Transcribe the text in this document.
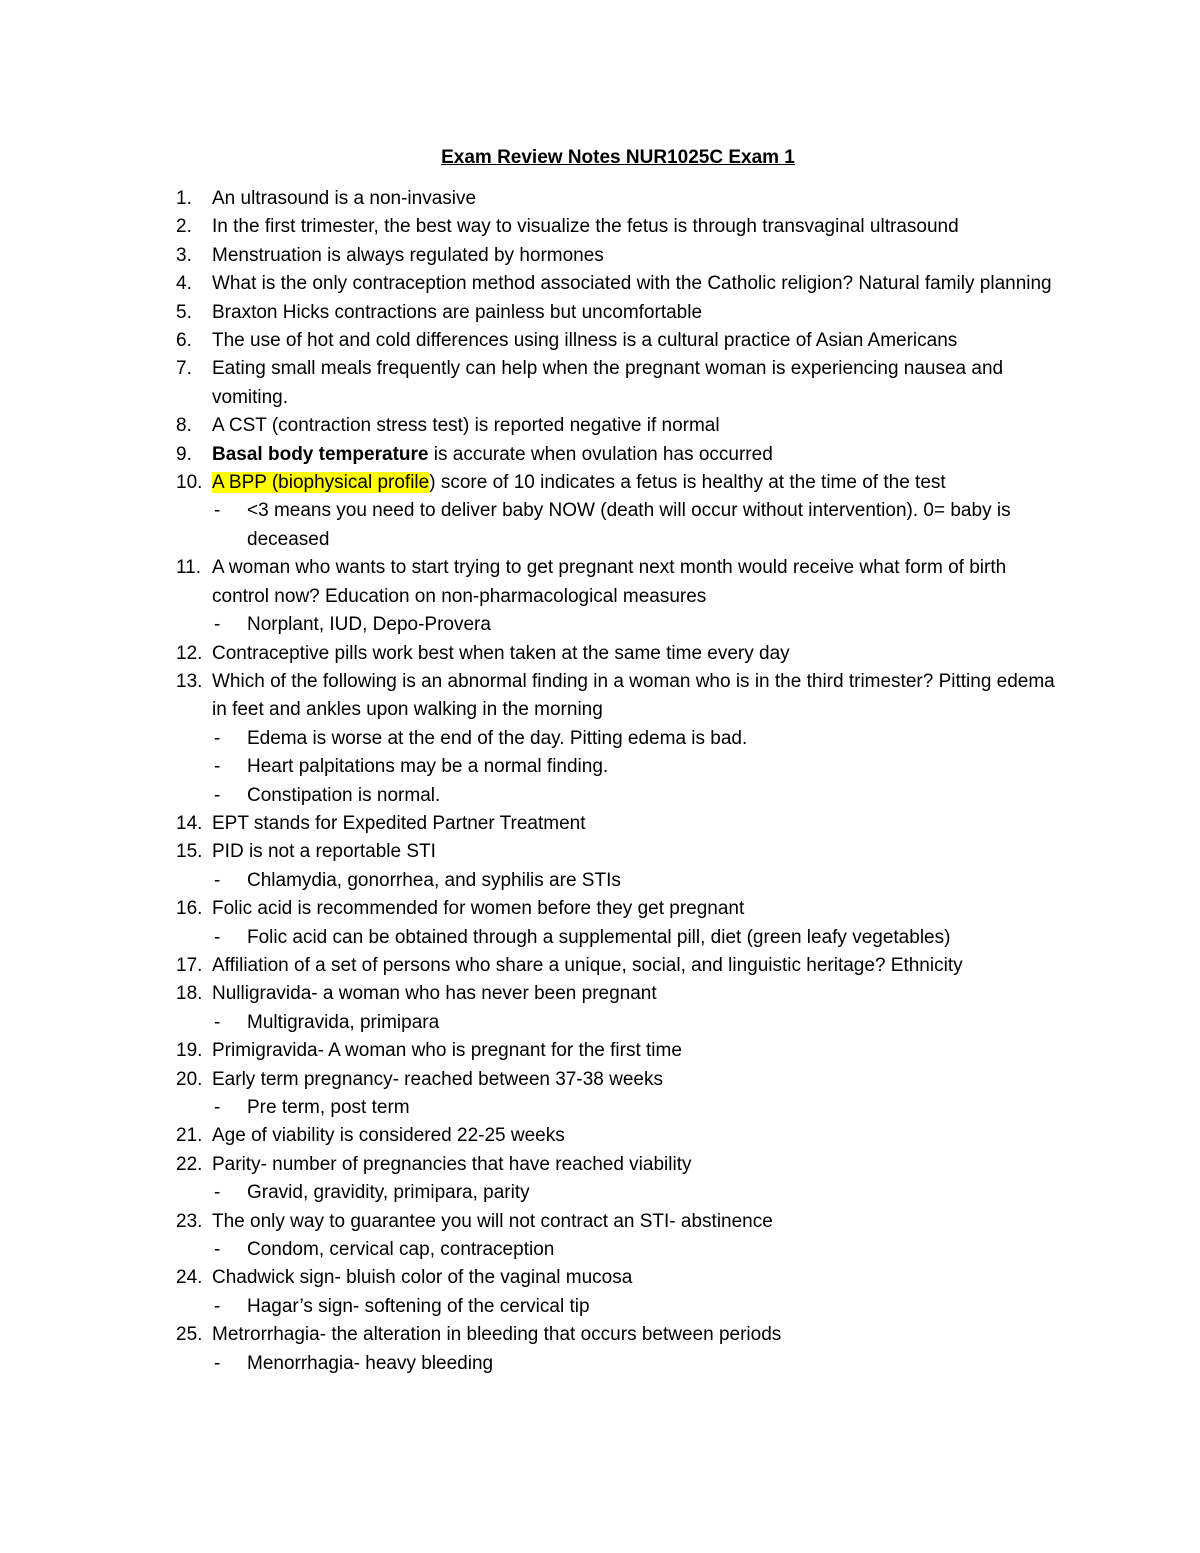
Exam Review Notes NUR1025C Exam 1
1. An ultrasound is a non-invasive
2. In the first trimester, the best way to visualize the fetus is through transvaginal ultrasound
3. Menstruation is always regulated by hormones
4. What is the only contraception method associated with the Catholic religion? Natural family planning
5. Braxton Hicks contractions are painless but uncomfortable
6. The use of hot and cold differences using illness is a cultural practice of Asian Americans
7. Eating small meals frequently can help when the pregnant woman is experiencing nausea and vomiting.
8. A CST (contraction stress test) is reported negative if normal
9. Basal body temperature is accurate when ovulation has occurred
10. A BPP (biophysical profile) score of 10 indicates a fetus is healthy at the time of the test
- <3 means you need to deliver baby NOW (death will occur without intervention). 0= baby is deceased
11. A woman who wants to start trying to get pregnant next month would receive what form of birth control now? Education on non-pharmacological measures
- Norplant, IUD, Depo-Provera
12. Contraceptive pills work best when taken at the same time every day
13. Which of the following is an abnormal finding in a woman who is in the third trimester? Pitting edema in feet and ankles upon walking in the morning
- Edema is worse at the end of the day. Pitting edema is bad.
- Heart palpitations may be a normal finding.
- Constipation is normal.
14. EPT stands for Expedited Partner Treatment
15. PID is not a reportable STI
- Chlamydia, gonorrhea, and syphilis are STIs
16. Folic acid is recommended for women before they get pregnant
- Folic acid can be obtained through a supplemental pill, diet (green leafy vegetables)
17. Affiliation of a set of persons who share a unique, social, and linguistic heritage? Ethnicity
18. Nulligravida- a woman who has never been pregnant
- Multigravida, primipara
19. Primigravida- A woman who is pregnant for the first time
20. Early term pregnancy- reached between 37-38 weeks
- Pre term, post term
21. Age of viability is considered 22-25 weeks
22. Parity- number of pregnancies that have reached viability
- Gravid, gravidity, primipara, parity
23. The only way to guarantee you will not contract an STI- abstinence
- Condom, cervical cap, contraception
24. Chadwick sign- bluish color of the vaginal mucosa
- Hagar’s sign- softening of the cervical tip
25. Metrorrhagia- the alteration in bleeding that occurs between periods
- Menorrhagia- heavy bleeding
